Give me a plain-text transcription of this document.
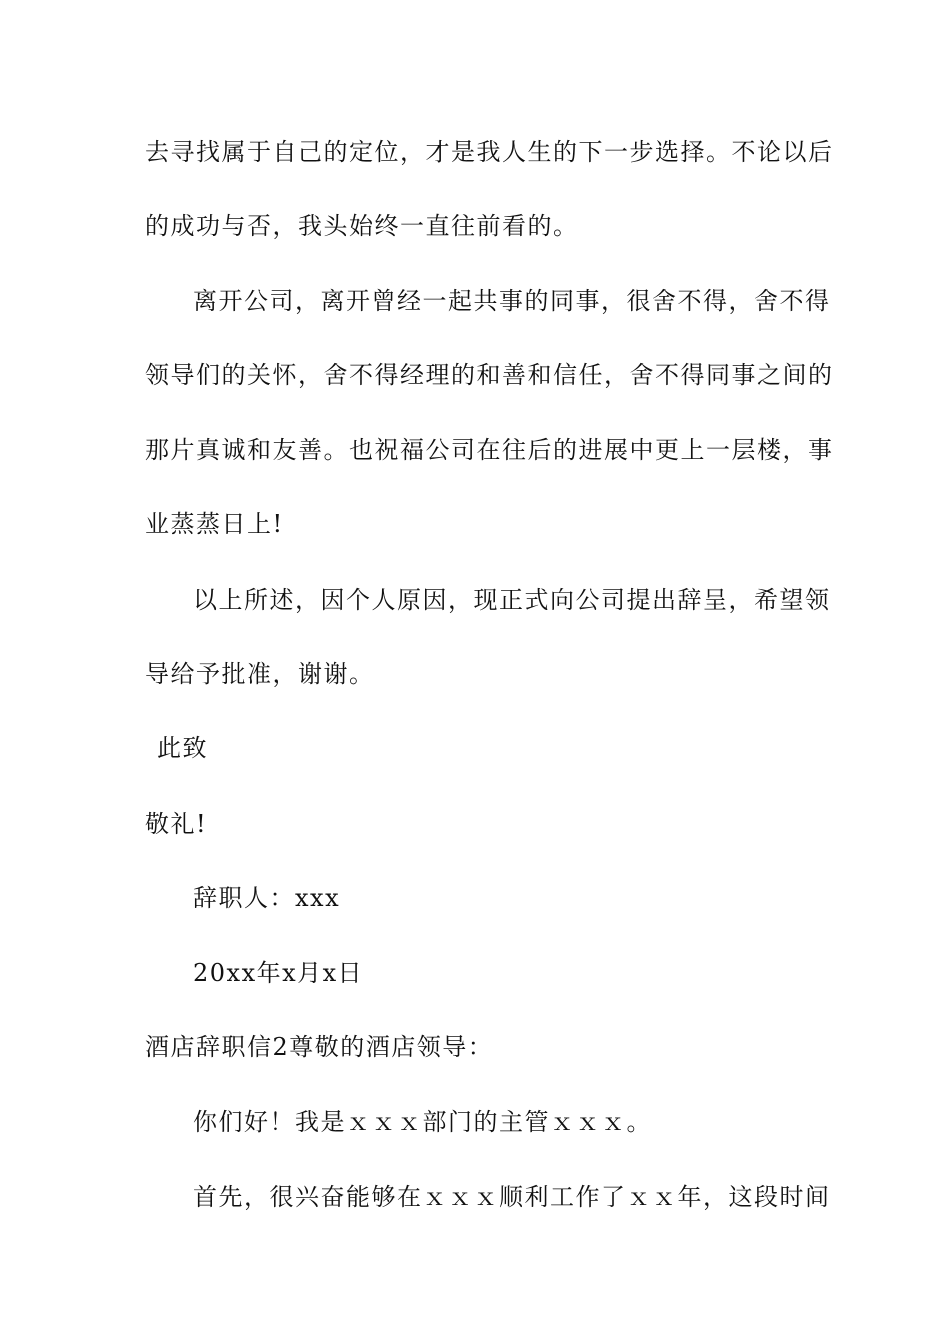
去寻找属于自己的定位，才是我人生的下一步选择。不论以后
的成功与否，我头始终一直往前看的。
离开公司，离开曾经一起共事的同事，很舍不得，舍不得
领导们的关怀，舍不得经理的和善和信任，舍不得同事之间的
那片真诚和友善。也祝福公司在往后的进展中更上一层楼，事
业蒸蒸日上!
以上所述，因个人原因，现正式向公司提出辞呈，希望领
导给予批准，谢谢。
此致
敬礼!
辞职人：xxx
20xx年x月x日
酒店辞职信2尊敬的酒店领导：
你们好！我是ｘｘｘ部门的主管ｘｘｘ。
首先，很兴奋能够在ｘｘｘ顺利工作了ｘｘ年，这段时间
